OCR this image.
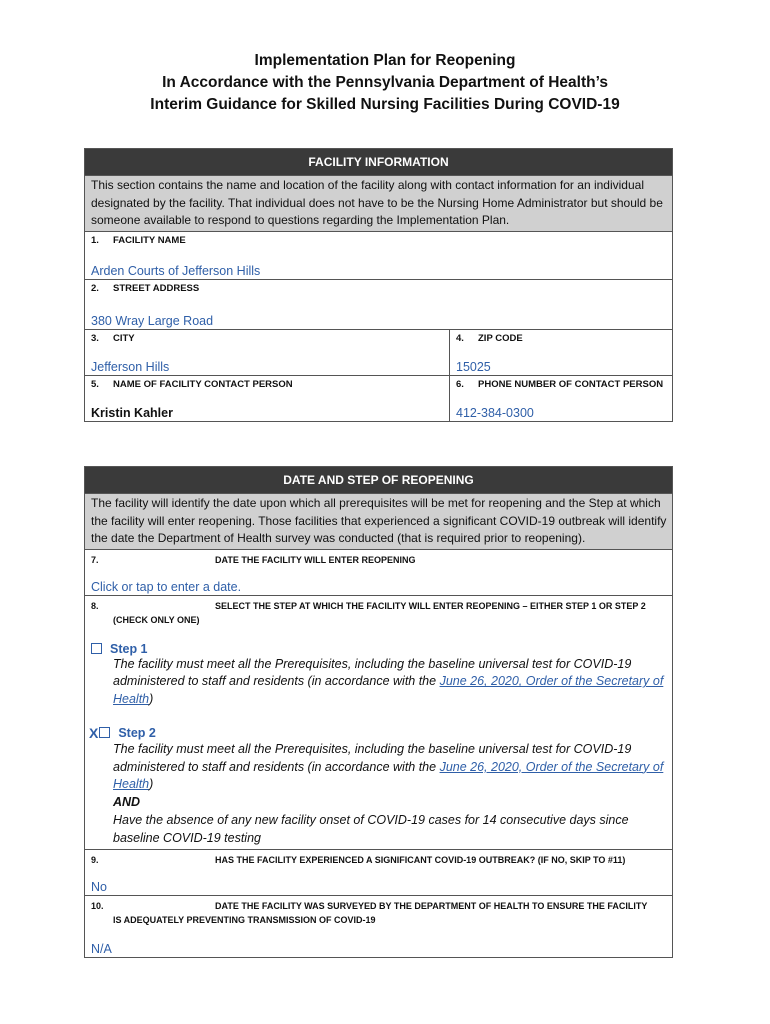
Implementation Plan for Reopening
In Accordance with the Pennsylvania Department of Health’s
Interim Guidance for Skilled Nursing Facilities During COVID-19
FACILITY INFORMATION
This section contains the name and location of the facility along with contact information for an individual designated by the facility. That individual does not have to be the Nursing Home Administrator but should be someone available to respond to questions regarding the Implementation Plan.
1. FACILITY NAME
Arden Courts of Jefferson Hills
2. STREET ADDRESS
380 Wray Large Road
3. CITY
Jefferson Hills
4. ZIP CODE
15025
5. NAME OF FACILITY CONTACT PERSON
Kristin Kahler
6. PHONE NUMBER OF CONTACT PERSON
412-384-0300
DATE AND STEP OF REOPENING
The facility will identify the date upon which all prerequisites will be met for reopening and the Step at which the facility will enter reopening. Those facilities that experienced a significant COVID-19 outbreak will identify the date the Department of Health survey was conducted (that is required prior to reopening).
7.	DATE THE FACILITY WILL ENTER REOPENING
Click or tap to enter a date.
8.	SELECT THE STEP AT WHICH THE FACILITY WILL ENTER REOPENING – EITHER STEP 1 OR STEP 2
(CHECK ONLY ONE)
Step 1
The facility must meet all the Prerequisites, including the baseline universal test for COVID-19 administered to staff and residents (in accordance with the June 26, 2020, Order of the Secretary of Health)
X Step 2
The facility must meet all the Prerequisites, including the baseline universal test for COVID-19 administered to staff and residents (in accordance with the June 26, 2020, Order of the Secretary of Health)
AND
Have the absence of any new facility onset of COVID-19 cases for 14 consecutive days since baseline COVID-19 testing
9.	HAS THE FACILITY EXPERIENCED A SIGNIFICANT COVID-19 OUTBREAK? (IF NO, SKIP TO #11)
No
10.	DATE THE FACILITY WAS SURVEYED BY THE DEPARTMENT OF HEALTH TO ENSURE THE FACILITY
IS ADEQUATELY PREVENTING TRANSMISSION OF COVID-19
N/A
